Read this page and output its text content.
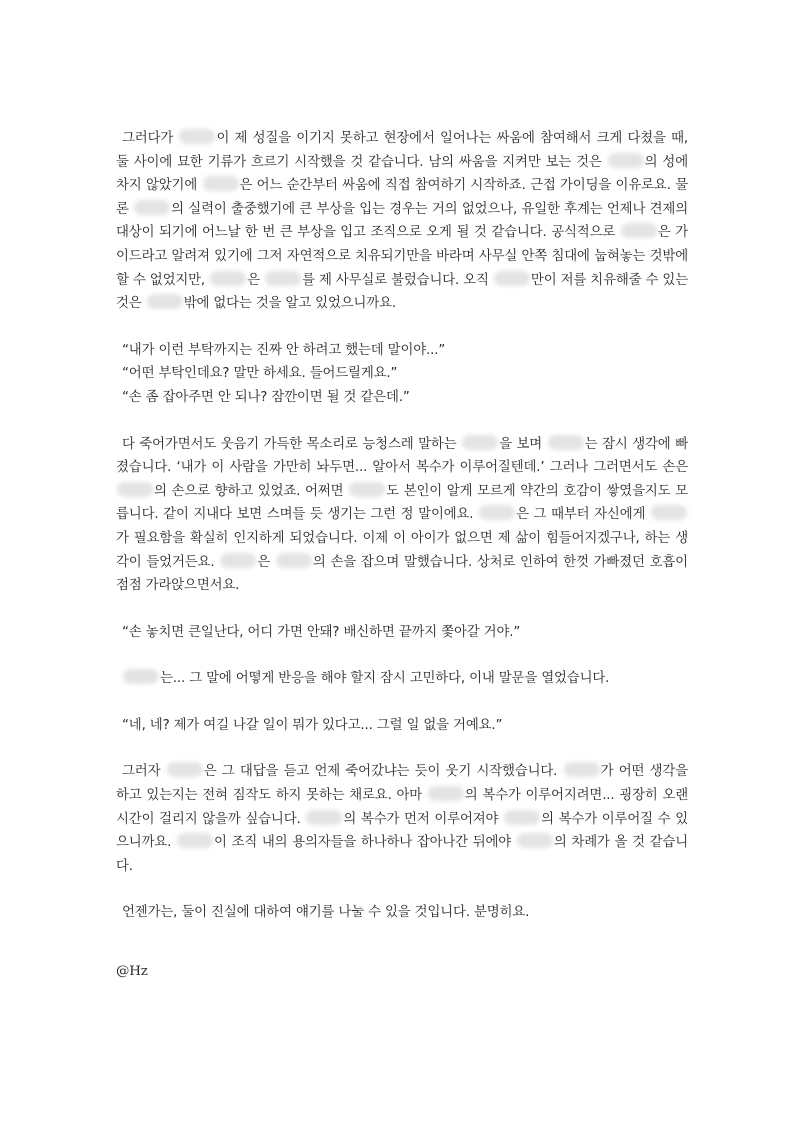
그러다가	이 제 성질을 이기지 못하고 현장에서 일어나는 싸움에 참여해서 크게 다쳤을 때, 둘 사이에 묘한 기류가 흐르기 시작했을 것 같습니다. 남의 싸움을 지켜만 보는 것은	의 성에 차지 않았기에	은 어느 순간부터 싸움에 직접 참여하기 시작하죠. 근접 가이딩을 이유로요. 물론	의 실력이 출중했기에 큰 부상을 입는 경우는 거의 없었으나, 유일한 후계는 언제나 견제의 대상이 되기에 어느날 한 번 큰 부상을 입고 조직으로 오게 될 것 같습니다. 공식적으로	은 가이드라고 알려져 있기에 그저 자연적으로 치유되기만을 바라며 사무실 안쪽 침대에 눕혀놓는 것밖에 할 수 없었지만,	은	를 제 사무실로 불렀습니다. 오직	만이 저를 치유해줄 수 있는 것은	밖에 없다는 것을 알고 있었으니까요.

“내가 이런 부탁까지는 진짜 안 하려고 했는데 말이야...”

“어떤 부탁인데요? 말만 하세요. 들어드릴게요.”

“손 좀 잡아주면 안 되나? 잠깐이면 될 것 같은데.”

다 죽어가면서도 웃음기 가득한 목소리로 능청스레 말하는	을 보며	는 잠시 생각에 빠졌습니다. ‘내가 이 사람을 가만히 놔두면... 알아서 복수가 이루어질텐데.’ 그러나 그러면서도 손은 의 손으로 향하고 있었죠. 어쩌면	도 본인이 알게 모르게 약간의 호감이 쌓였을지도 모릅니다. 같이 지내다 보면 스며들 듯 생기는 그런 정 말이에요.	은 그 때부터 자신에게 가 필요함을 확실히 인지하게 되었습니다. 이제 이 아이가 없으면 제 삶이 힘들어지겠구나, 하는 생각이 들었거든요.	은	의 손을 잡으며 말했습니다. 상처로 인하여 한껏 가빠졌던 호흡이 점점 가라앉으면서요.

“손 놓치면 큰일난다, 어디 가면 안돼? 배신하면 끝까지 쫓아갈 거야.”

는... 그 말에 어떻게 반응을 해야 할지 잠시 고민하다, 이내 말문을 열었습니다.

“네, 네? 제가 여길 나갈 일이 뭐가 있다고... 그럴 일 없을 거예요.”

그러자	은 그 대답을 듣고 언제 죽어갔냐는 듯이 웃기 시작했습니다.	가 어떤 생각을 하고 있는지는 전혀 짐작도 하지 못하는 채로요. 아마	의 복수가 이루어지려면... 굉장히 오랜 시간이 걸리지 않을까 싶습니다.	의 복수가 먼저 이루어져야	의 복수가 이루어질 수 있으니까요.	이 조직 내의 용의자들을 하나하나 잡아나간 뒤에야	의 차례가 올 것 같습니다.

언젠가는, 둘이 진실에 대하여 얘기를 나눌 수 있을 것입니다. 분명히요.

@Hz
